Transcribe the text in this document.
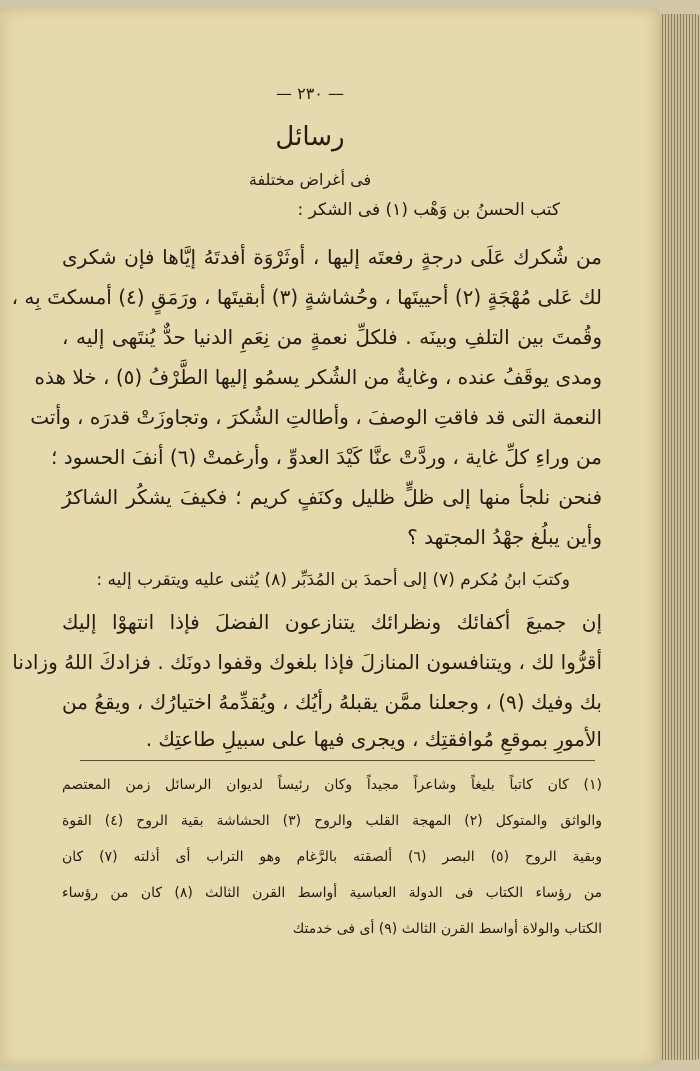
— ٢٣٠ —
رسائل
فى أغراض مختلفة
كتب الحسنُ بن وَهْب (١) فى الشكر :
من شُكرك عَلَى درجةٍ رفعتَه إليها ، أوثَرْوَة أفدتَهُ إيَّاها فإن شكرى
لك عَلى مُهْجَةٍ (٢) أحييتَها ، وحُشاشةٍ (٣) أبقيتَها ، ورَمَقٍ (٤) أمسكتَ بِه ،
وقُمتَ بين التلفِ وبينَه . فلكلِّ نعمةٍ من نِعَمِ الدنيا حدٌّ يُنتَهى إليه ،
ومدى يوقَفُ عنده ، وغايةٌ من الشُكر يسمُو إليها الطَّرْفُ (٥) ، خلا هذه
النعمة التى قد فاقتِ الوصفَ ، وأطالتِ الشُكرَ ، وتجاوزَتْ قدرَه ، وأتت
من وراءِ كلِّ غاية ، وردَّتْ عنَّا كَيْدَ العدوِّ ، وأرغمتْ (٦) أنفَ الحسود ؛
فنحن نلجأ منها إلى ظلٍّ ظليل وكنَفٍ كريم ؛ فكيفَ يشكُر الشاكرُ
وأين يبلُغ جهْدُ المجتهد ؟
وكتبَ ابنُ مُكرم (٧) إلى أحمدَ بن المُدَبِّر (٨) يُثنى عليه ويتقرب إليه :
إن جميعَ أكفائك ونظرائك يتنازعون الفضلَ فإذا انتهوْا إليك
أقرُّوا لك ، ويتنافسون المنازلَ فإذا بلغوك وقفوا دونَك . فزادكَ اللهُ وزادنا
بك وفيك (٩) ، وجعلنا ممَّن يقبلهُ رأيُك ، ويُقدِّمهُ اختيارُك ، ويقعُ من
الأمورِ بموقعِ مُوافقتِك ، ويجرى فيها على سبيلِ طاعتِك .
(١) كان كاتباً بليغاً وشاعراً مجيداً وكان رئيساً لديوان الرسائل زمن المعتصم
والواثق والمتوكل (٢) المهجة القلب والروح (٣) الحشاشة بقية الروح (٤) القوة
وبقية الروح (٥) البصر (٦) ألصقته بالرَّغام وهو التراب أى أذلته (٧) كان
من رؤساء الكتاب فى الدولة العباسية أواسط القرن الثالث (٨) كان من رؤساء
الكتاب والولاة أواسط القرن الثالث (٩) أى فى خدمتك
